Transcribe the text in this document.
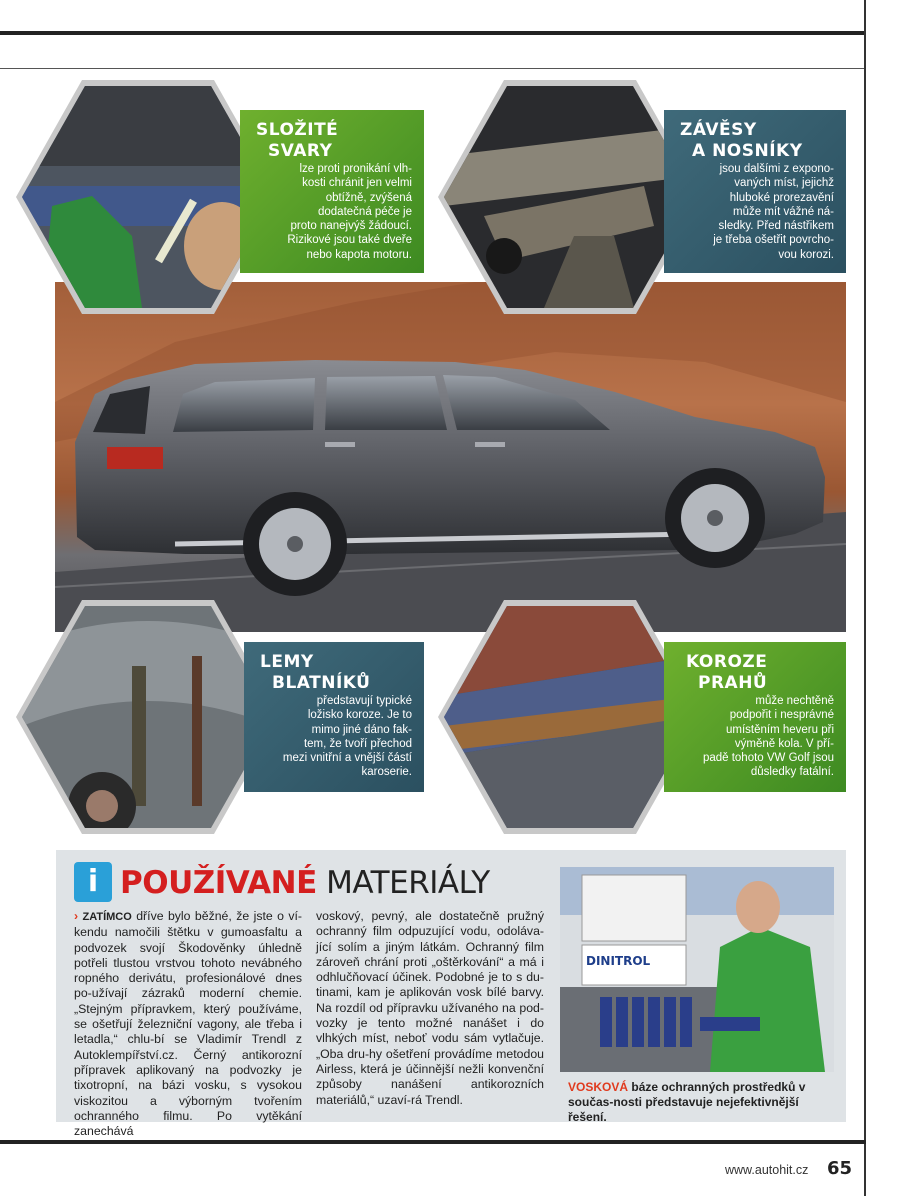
SLOŽITÉ
SVARY
lze proti pronikání vlh-
kosti chránit jen velmi
obtížně, zvýšená
dodatečná péče je
proto nanejvýš žádoucí.
Rizikové jsou také dveře
nebo kapota motoru.
ZÁVĚSY
A NOSNÍKY
jsou dalšími z expono-
vaných míst, jejichž
hluboké prorezavění
může mít vážné ná-
sledky. Před nástřikem
je třeba ošetřit povrcho-
vou korozi.
LEMY
BLATNÍKŮ
představují typické
ložisko koroze. Je to
mimo jiné dáno fak-
tem, že tvoří přechod
mezi vnitřní a vnější částí
karoserie.
KOROZE
PRAHŮ
může nechtěně
podpořit i nesprávné
umístěním heveru při
výměně kola. V pří-
padě tohoto VW Golf jsou
důsledky fatální.
i POUŽÍVANÉ MATERIÁLY
› ZATÍMCO dříve bylo běžné, že jste o ví-kendu namočili štětku v gumoasfaltu a podvozek svojí Škodověnky úhledně potřeli tlustou vrstvou tohoto nevábného ropného derivátu, profesionálové dnes po-užívají zázraků moderní chemie. „Stejným přípravkem, který používáme, se ošetřují železniční vagony, ale třeba i letadla,“ chlu-bí se Vladimír Trendl z Autoklempířství.cz. Černý antikorozní přípravek aplikovaný na podvozky je tixotropní, na bázi vosku, s vysokou viskozitou a výborným tvořením ochranného filmu. Po vytěkání zanechává
voskový, pevný, ale dostatečně pružný ochranný film odpuzující vodu, odoláva-jící solím a jiným látkám. Ochranný film zároveň chrání proti „oštěrkování“ a má i odhlučňovací účinek. Podobné je to s du-tinami, kam je aplikován vosk bílé barvy. Na rozdíl od přípravku užívaného na pod-vozky je tento možné nanášet i do vlhkých míst, neboť vodu sám vytlačuje. „Oba dru-hy ošetření provádíme metodou Airless, která je účinnější nežli konvenční způsoby nanášení antikorozních materiálů,“ uzaví-rá Trendl.
DINITROL
VOSKOVÁ báze ochranných prostředků v součas-nosti představuje nejefektivnější řešení.
www.autohit.cz 65
